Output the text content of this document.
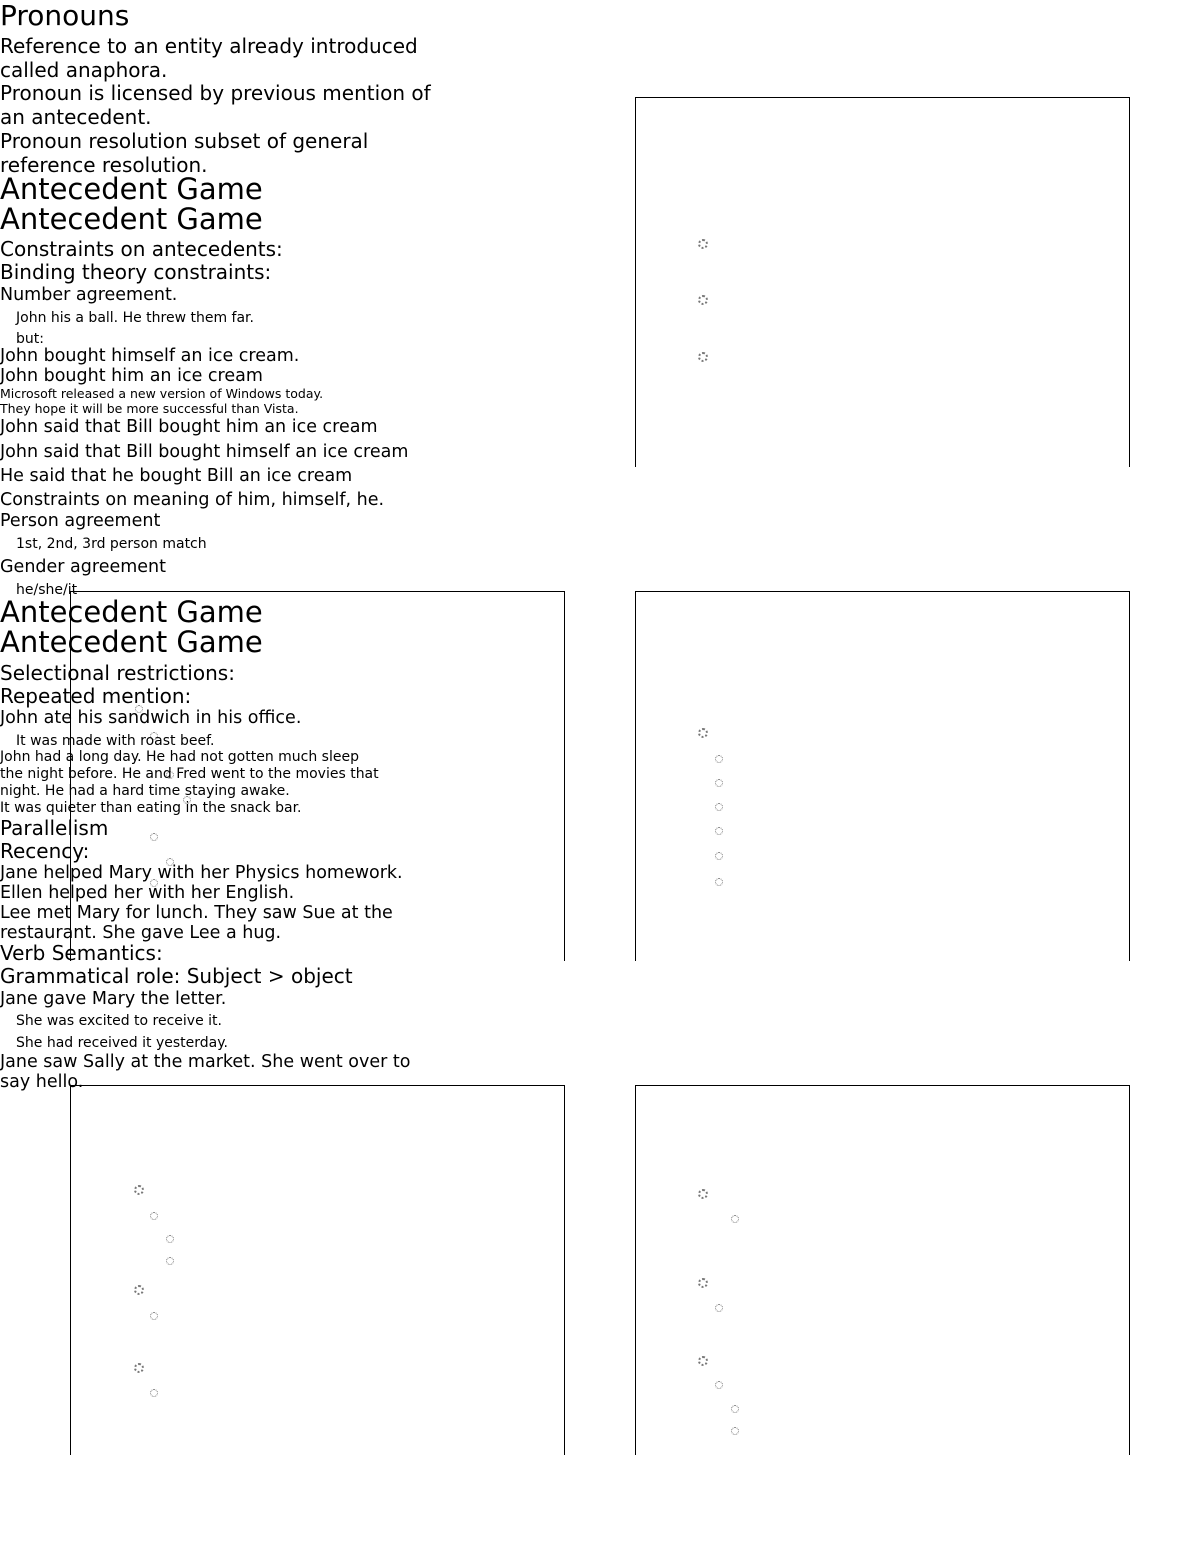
Pronouns
Reference to an entity already introduced
called anaphora.
Pronoun is licensed by previous mention of
an antecedent.
Pronoun resolution subset of general
reference resolution.
Antecedent Game
Antecedent Game
Constraints on antecedents:
Binding theory constraints:
Number agreement.
John his a ball. He threw them far.
but:
John bought himself an ice cream.
John bought him an ice cream
Microsoft released a new version of Windows today.
They hope it will be more successful than Vista.
John said that Bill bought him an ice cream
John said that Bill bought himself an ice cream
He said that he bought Bill an ice cream
Constraints on meaning of him, himself, he.
Person agreement
1st, 2nd, 3rd person match
Gender agreement
he/she/it
Antecedent Game
Antecedent Game
Selectional restrictions:
Repeated mention:
John ate his sandwich in his office.
It was made with roast beef.
John had a long day. He had not gotten much sleep
the night before. He and Fred went to the movies that
night. He had a hard time staying awake.
It was quieter than eating in the snack bar.
Parallelism
Recency:
Jane helped Mary with her Physics homework.
Ellen helped her with her English.
Lee met Mary for lunch. They saw Sue at the
restaurant. She gave Lee a hug.
Verb Semantics:
Grammatical role: Subject > object
Jane gave Mary the letter.
She was excited to receive it.
She had received it yesterday.
Jane saw Sally at the market. She went over to
say hello.
